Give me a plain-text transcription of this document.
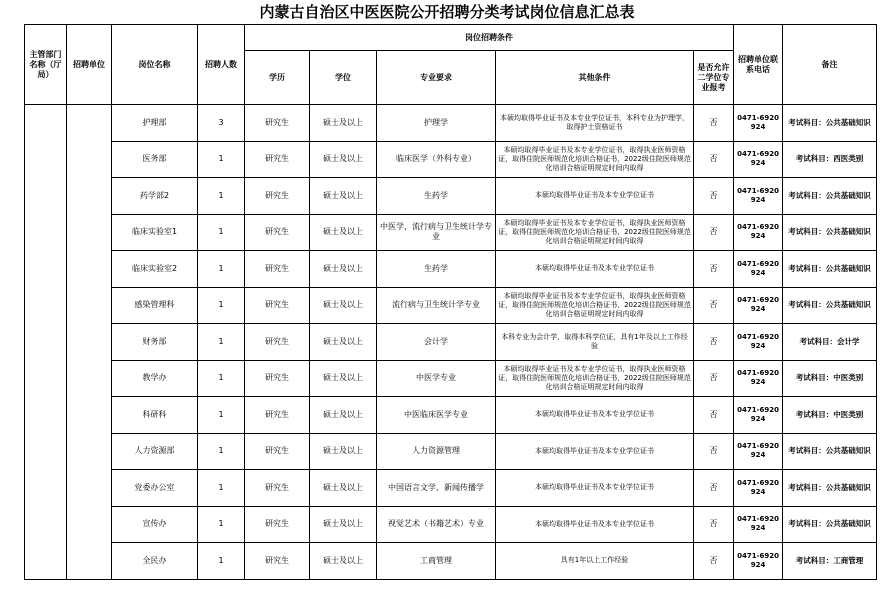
内蒙古自治区中医医院公开招聘分类考试岗位信息汇总表
主管部门名称（厅局）	招聘单位	岗位名称	招聘人数	岗位招聘条件					招聘单位联系电话	备注
				学历	学位	专业要求	其他条件	是否允许二学位专业报考		
		护理部	3	研究生	硕士及以上	护理学	本硕均取得毕业证书及本专业学位证书，本科专业为护理学，取得护士资格证书	否	0471-6920924	考试科目：公共基础知识
		医务部	1	研究生	硕士及以上	临床医学（外科专业）	本硕均取得毕业证书及本专业学位证书，取得执业医师资格证，取得住院医师规范化培训合格证书，2022级住院医师规范化培训合格证明规定时间内取得	否	0471-6920924	考试科目：西医类别
		药学部2	1	研究生	硕士及以上	生药学	本硕均取得毕业证书及本专业学位证书	否	0471-6920924	考试科目：公共基础知识
		临床实验室1	1	研究生	硕士及以上	中医学，流行病与卫生统计学专业	本硕均取得毕业证书及本专业学位证书，取得执业医师资格证，取得住院医师规范化培训合格证书，2022级住院医师规范化培训合格证明规定时间内取得	否	0471-6920924	考试科目：公共基础知识
		临床实验室2	1	研究生	硕士及以上	生药学	本硕均取得毕业证书及本专业学位证书	否	0471-6920924	考试科目：公共基础知识
		感染管理科	1	研究生	硕士及以上	流行病与卫生统计学专业	本硕均取得毕业证书及本专业学位证书，取得执业医师资格证，取得住院医师规范化培训合格证书，2022级住院医师规范化培训合格证明规定时间内取得	否	0471-6920924	考试科目：公共基础知识
		财务部	1	研究生	硕士及以上	会计学	本科专业为会计学，取得本科学位证，具有1年及以上工作经验	否	0471-6920924	考试科目：会计学
		教学办	1	研究生	硕士及以上	中医学专业	本硕均取得毕业证书及本专业学位证书，取得执业医师资格证，取得住院医师规范化培训合格证书，2022级住院医师规范化培训合格证明规定时间内取得	否	0471-6920924	考试科目：中医类别
		科研科	1	研究生	硕士及以上	中医临床医学专业	本硕均取得毕业证书及本专业学位证书	否	0471-6920924	考试科目：中医类别
		人力资源部	1	研究生	硕士及以上	人力资源管理	本硕均取得毕业证书及本专业学位证书	否	0471-6920924	考试科目：公共基础知识
		党委办公室	1	研究生	硕士及以上	中国语言文学、新闻传播学	本硕均取得毕业证书及本专业学位证书	否	0471-6920924	考试科目：公共基础知识
		宣传办	1	研究生	硕士及以上	视觉艺术（书籍艺术）专业	本硕均取得毕业证书及本专业学位证书	否	0471-6920924	考试科目：公共基础知识
		全民办	1	研究生	硕士及以上	工商管理	具有1年以上工作经验	否	0471-6920924	考试科目：工商管理
